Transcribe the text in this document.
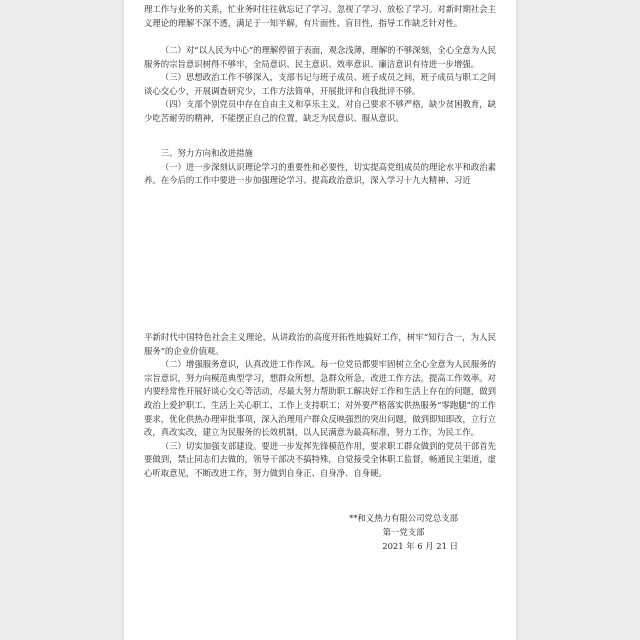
理工作与业务的关系，忙业务时往往就忘记了学习、忽视了学习、放松了学习。对新时期社会主义理论的理解不深不透，满足于一知半解，有片面性、盲目性，指导工作缺乏针对性。

（二）对“以人民为中心”的理解停留于表面，观念浅薄，理解的不够深刻，全心全意为人民服务的宗旨意识树得不够牢，全局意识、民主意识、效率意识、廉洁意识有待进一步增强。

（三）思想政治工作不够深入，支部书记与班子成员、班子成员之间，班子成员与职工之间谈心交心少，开展调查研究少，工作方法简单，开展批评和自我批评不够。

（四）支部个别党员中存在自由主义和享乐主义，对自己要求不够严格，缺少贫困教育，缺少吃苦耐劳的精神，不能摆正自己的位置，缺乏为民意识、服从意识。

三、努力方向和改进措施

（一）进一步深刻认识理论学习的重要性和必要性，切实提高党组成员的理论水平和政治素养。在今后的工作中要进一步加强理论学习、提高政治意识，深入学习十九大精神、习近

平新时代中国特色社会主义理论，从讲政治的高度开拓性地搞好工作，树牢“知行合一，为人民服务”的企业价值观。

（二）增强服务意识，认真改进工作作风。每一位党员都要牢固树立全心全意为人民服务的宗旨意识，努力向模范典型学习，想群众所想，急群众所急，改进工作方法，提高工作效率。对内要经常性开展好谈心交心等活动，尽最大努力帮助职工解决好工作和生活上存在的问题，做到政治上爱护职工、生活上关心职工、工作上支持职工；对外要严格落实供热服务“零跑腿”的工作要求，优化供热办理审批事项，深入治理用户群众反映强烈的突出问题，做到即知即改，立行立改，真改实改，建立为民服务的长效机制，以人民满意为最高标准，努力工作，为民工作。

（三）切实加强支部建设。要进一步发挥先锋模范作用，要求职工群众做到的党员干部首先要做到，禁止同志们去做的，领导干部决不搞特殊，自觉接受全体职工监督，畅通民主渠道，虚心听取意见，不断改进工作，努力做到自身正、自身净、自身硬。

**和义热力有限公司党总支部
第一党支部
2021 年 6 月 21 日
